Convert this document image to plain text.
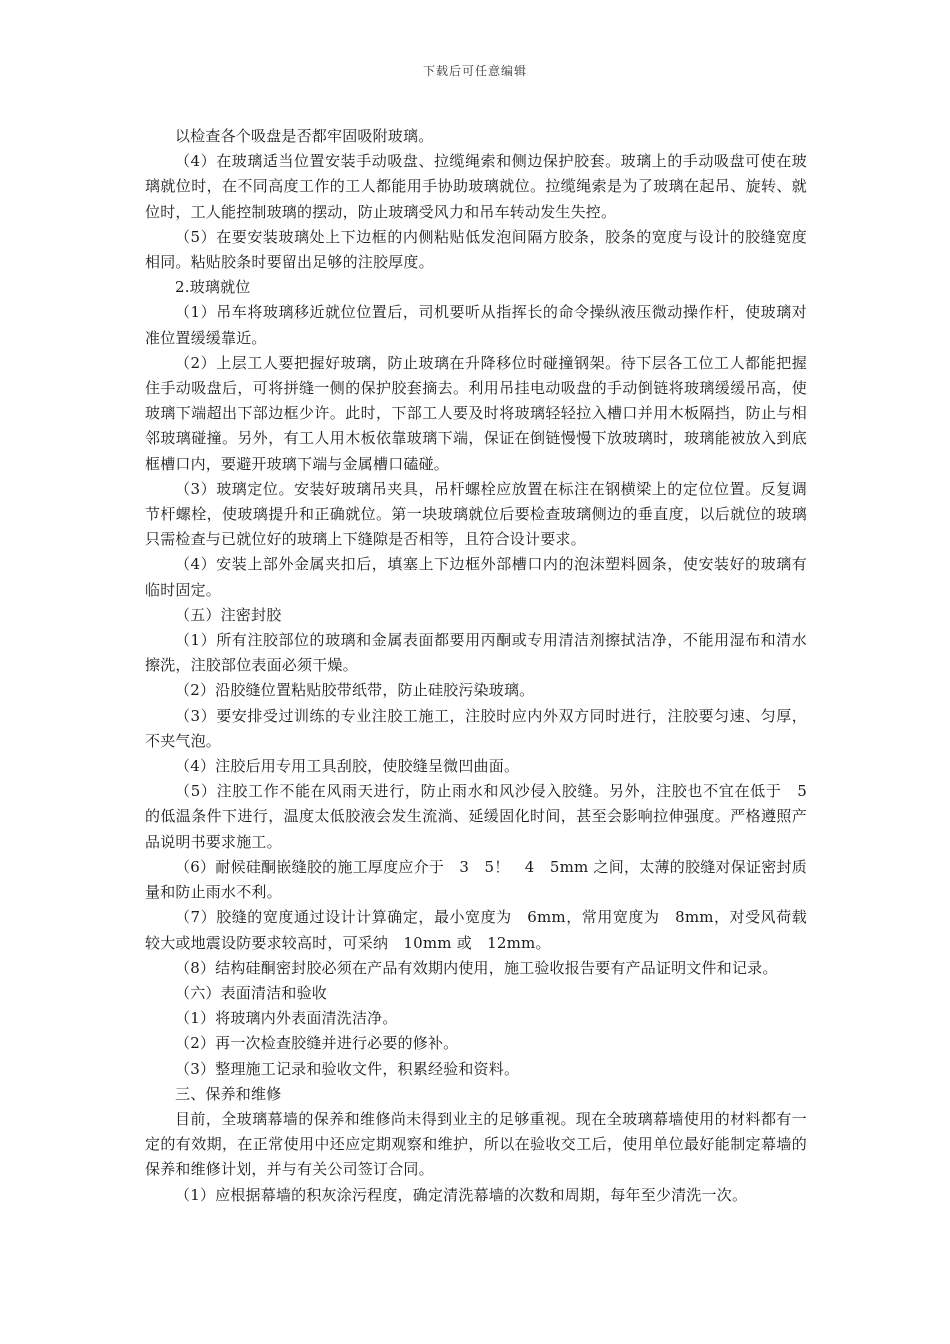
下载后可任意编辑

以检查各个吸盘是否都牢固吸附玻璃。

（4）在玻璃适当位置安装手动吸盘、拉缆绳索和侧边保护胶套。玻璃上的手动吸盘可使在玻璃就位时，在不同高度工作的工人都能用手协助玻璃就位。拉缆绳索是为了玻璃在起吊、旋转、就位时，工人能控制玻璃的摆动，防止玻璃受风力和吊车转动发生失控。

（5）在要安装玻璃处上下边框的内侧粘贴低发泡间隔方胶条，胶条的宽度与设计的胶缝宽度相同。粘贴胶条时要留出足够的注胶厚度。

2.玻璃就位

（1）吊车将玻璃移近就位位置后，司机要听从指挥长的命令操纵液压微动操作杆，使玻璃对准位置缓缓靠近。

（2）上层工人要把握好玻璃，防止玻璃在升降移位时碰撞钢架。待下层各工位工人都能把握住手动吸盘后，可将拼缝一侧的保护胶套摘去。利用吊挂电动吸盘的手动倒链将玻璃缓缓吊高，使玻璃下端超出下部边框少许。此时，下部工人要及时将玻璃轻轻拉入槽口并用木板隔挡，防止与相邻玻璃碰撞。另外，有工人用木板依靠玻璃下端，保证在倒链慢慢下放玻璃时，玻璃能被放入到底框槽口内，要避开玻璃下端与金属槽口磕碰。

（3）玻璃定位。安装好玻璃吊夹具，吊杆螺栓应放置在标注在钢横梁上的定位位置。反复调节杆螺栓，使玻璃提升和正确就位。第一块玻璃就位后要检查玻璃侧边的垂直度，以后就位的玻璃只需检查与已就位好的玻璃上下缝隙是否相等，且符合设计要求。

（4）安装上部外金属夹扣后，填塞上下边框外部槽口内的泡沫塑料圆条，使安装好的玻璃有临时固定。

（五）注密封胶

（1）所有注胶部位的玻璃和金属表面都要用丙酮或专用清洁剂擦拭洁净，不能用湿布和清水擦洗，注胶部位表面必须干燥。

（2）沿胶缝位置粘贴胶带纸带，防止硅胶污染玻璃。

（3）要安排受过训练的专业注胶工施工，注胶时应内外双方同时进行，注胶要匀速、匀厚，不夹气泡。

（4）注胶后用专用工具刮胶，使胶缝呈微凹曲面。

（5）注胶工作不能在风雨天进行，防止雨水和风沙侵入胶缝。另外，注胶也不宜在低于　5　的低温条件下进行，温度太低胶液会发生流淌、延缓固化时间，甚至会影响拉伸强度。严格遵照产品说明书要求施工。

（6）耐候硅酮嵌缝胶的施工厚度应介于　3　5！　4　5mm 之间，太薄的胶缝对保证密封质量和防止雨水不利。

（7）胶缝的宽度通过设计计算确定，最小宽度为　6mm，常用宽度为　8mm，对受风荷载较大或地震设防要求较高时，可采纳　10mm 或　12mm。

（8）结构硅酮密封胶必须在产品有效期内使用，施工验收报告要有产品证明文件和记录。

（六）表面清洁和验收

（1）将玻璃内外表面清洗洁净。

（2）再一次检查胶缝并进行必要的修补。

（3）整理施工记录和验收文件，积累经验和资料。

三、保养和维修

目前，全玻璃幕墙的保养和维修尚未得到业主的足够重视。现在全玻璃幕墙使用的材料都有一定的有效期，在正常使用中还应定期观察和维护，所以在验收交工后，使用单位最好能制定幕墙的保养和维修计划，并与有关公司签订合同。

（1）应根据幕墙的积灰涂污程度，确定清洗幕墙的次数和周期，每年至少清洗一次。
